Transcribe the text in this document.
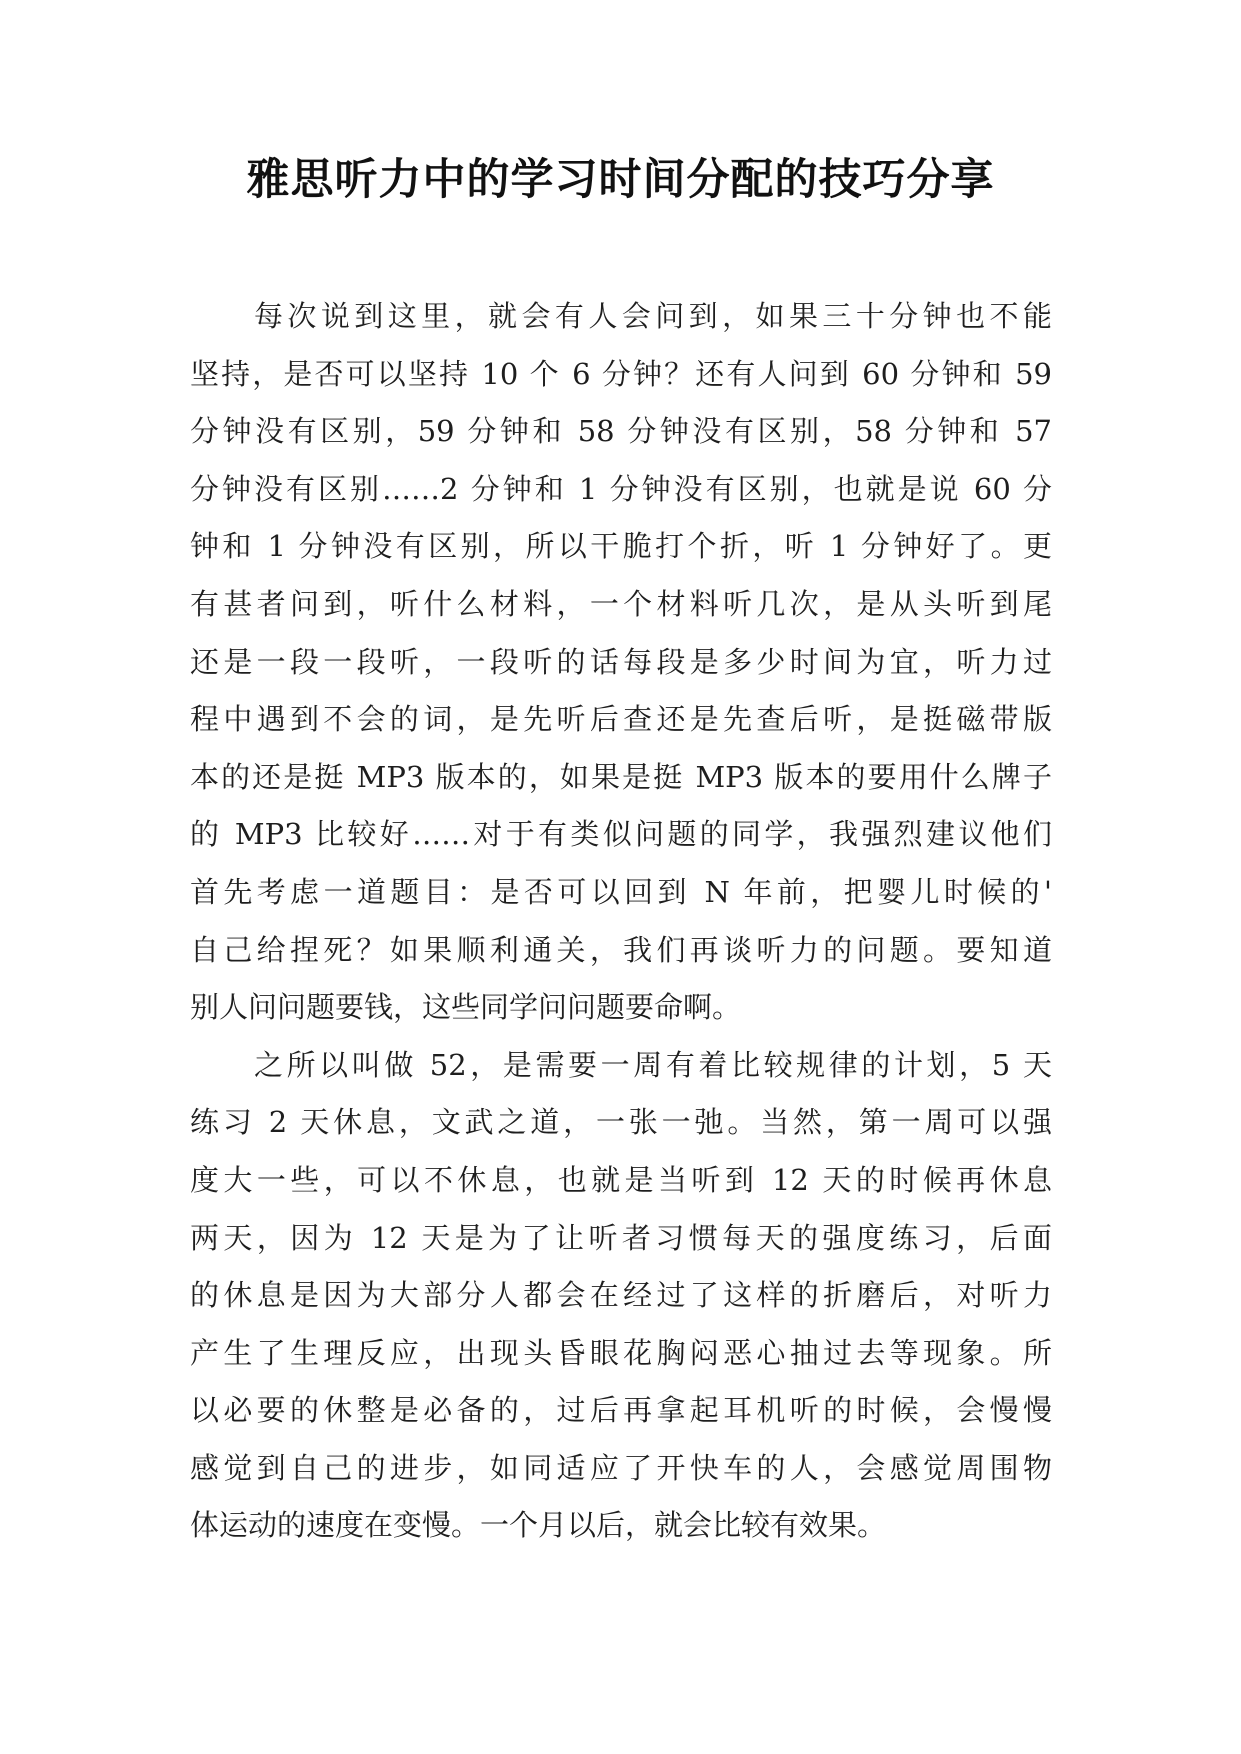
雅思听力中的学习时间分配的技巧分享
每次说到这里，就会有人会问到，如果三十分钟也不能
坚持，是否可以坚持 10 个 6 分钟？还有人问到 60 分钟和 59
分钟没有区别，59 分钟和 58 分钟没有区别，58 分钟和 57
分钟没有区别……2 分钟和 1 分钟没有区别，也就是说 60 分
钟和 1 分钟没有区别，所以干脆打个折，听 1 分钟好了。更
有甚者问到，听什么材料，一个材料听几次，是从头听到尾
还是一段一段听，一段听的话每段是多少时间为宜，听力过
程中遇到不会的词，是先听后查还是先查后听，是挺磁带版
本的还是挺 MP3 版本的，如果是挺 MP3 版本的要用什么牌子
的 MP3 比较好……对于有类似问题的同学，我强烈建议他们
首先考虑一道题目：是否可以回到 N 年前，把婴儿时候的'
自己给捏死？如果顺利通关，我们再谈听力的问题。要知道
别人问问题要钱，这些同学问问题要命啊。
之所以叫做 52，是需要一周有着比较规律的计划，5 天
练习 2 天休息，文武之道，一张一弛。当然，第一周可以强
度大一些，可以不休息，也就是当听到 12 天的时候再休息
两天，因为 12 天是为了让听者习惯每天的强度练习，后面
的休息是因为大部分人都会在经过了这样的折磨后，对听力
产生了生理反应，出现头昏眼花胸闷恶心抽过去等现象。所
以必要的休整是必备的，过后再拿起耳机听的时候，会慢慢
感觉到自己的进步，如同适应了开快车的人，会感觉周围物
体运动的速度在变慢。一个月以后，就会比较有效果。
